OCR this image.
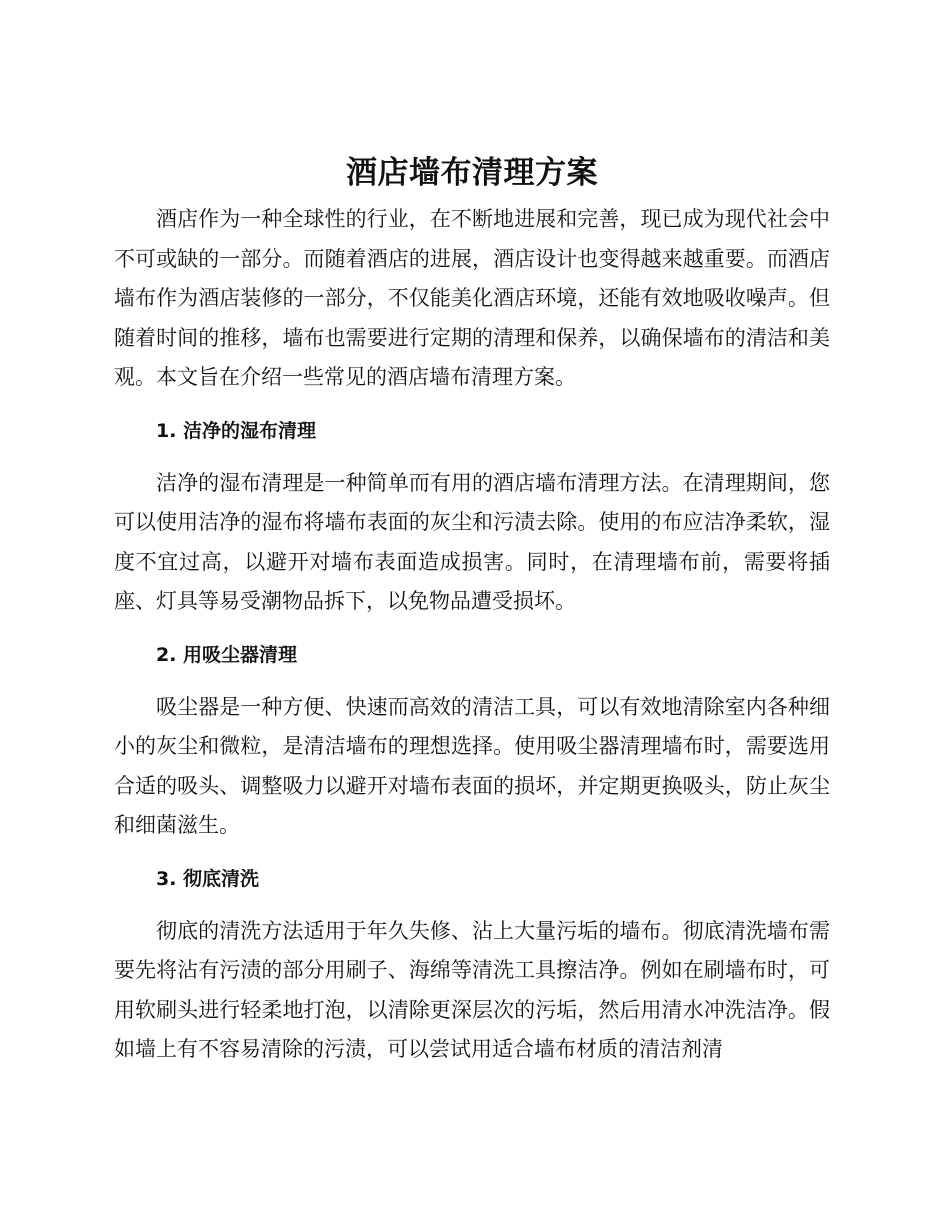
酒店墙布清理方案

酒店作为一种全球性的行业，在不断地进展和完善，现已成为现代社会中不可或缺的一部分。而随着酒店的进展，酒店设计也变得越来越重要。而酒店墙布作为酒店装修的一部分，不仅能美化酒店环境，还能有效地吸收噪声。但随着时间的推移，墙布也需要进行定期的清理和保养，以确保墙布的清洁和美观。本文旨在介绍一些常见的酒店墙布清理方案。

1. 洁净的湿布清理

洁净的湿布清理是一种简单而有用的酒店墙布清理方法。在清理期间，您可以使用洁净的湿布将墙布表面的灰尘和污渍去除。使用的布应洁净柔软，湿度不宜过高，以避开对墙布表面造成损害。同时，在清理墙布前，需要将插座、灯具等易受潮物品拆下，以免物品遭受损坏。

2. 用吸尘器清理

吸尘器是一种方便、快速而高效的清洁工具，可以有效地清除室内各种细小的灰尘和微粒，是清洁墙布的理想选择。使用吸尘器清理墙布时，需要选用合适的吸头、调整吸力以避开对墙布表面的损坏，并定期更换吸头，防止灰尘和细菌滋生。

3. 彻底清洗

彻底的清洗方法适用于年久失修、沾上大量污垢的墙布。彻底清洗墙布需要先将沾有污渍的部分用刷子、海绵等清洗工具擦洁净。例如在刷墙布时，可用软刷头进行轻柔地打泡，以清除更深层次的污垢，然后用清水冲洗洁净。假如墙上有不容易清除的污渍，可以尝试用适合墙布材质的清洁剂清
